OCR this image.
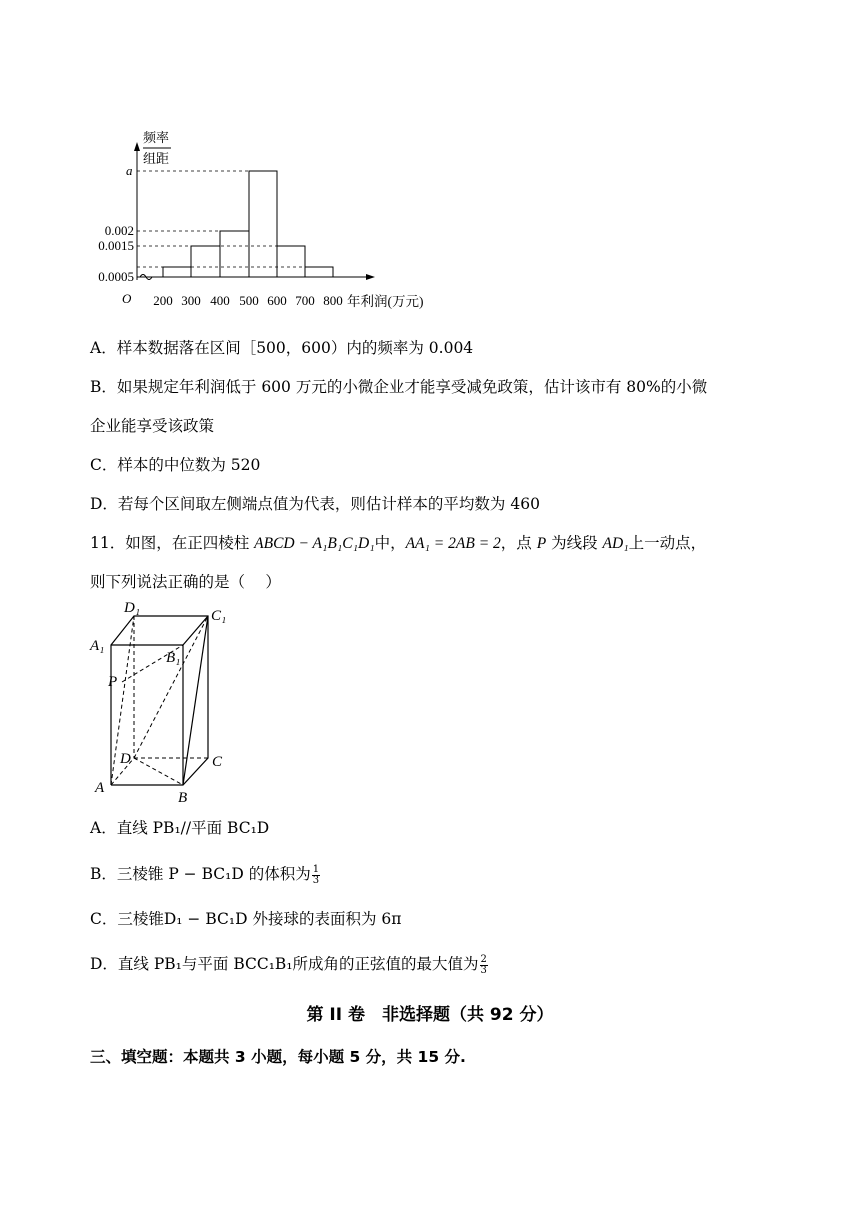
频率
组距
a
0.002
0.0015
0.0005
O 200 300 400 500 600 700 800 年利润(万元)
A．样本数据落在区间［500，600）内的频率为 0.004
B．如果规定年利润低于 600 万元的小微企业才能享受减免政策，估计该市有 80%的小微
企业能享受该政策
C．样本的中位数为 520
D．若每个区间取左侧端点值为代表，则估计样本的平均数为 460
11．如图，在正四棱柱 ABCD − A₁B₁C₁D₁中，AA₁ = 2AB = 2，点 P 为线段 AD₁上一动点，
则下列说法正确的是（　 ）
D₁	C₁
A₁
B₁
P
D	C
A
B
A．直线 PB₁//平面 BC₁D
B．三棱锥 P − BC₁D 的体积为 $\frac{1}{3}$
C．三棱锥D₁ − BC₁D 外接球的表面积为 6π
D．直线 PB₁与平面 BCC₁B₁所成角的正弦值的最大值为 $\frac{2}{3}$
第 II 卷　非选择题（共 92 分）
三、填空题：本题共 3 小题，每小题 5 分，共 15 分.
